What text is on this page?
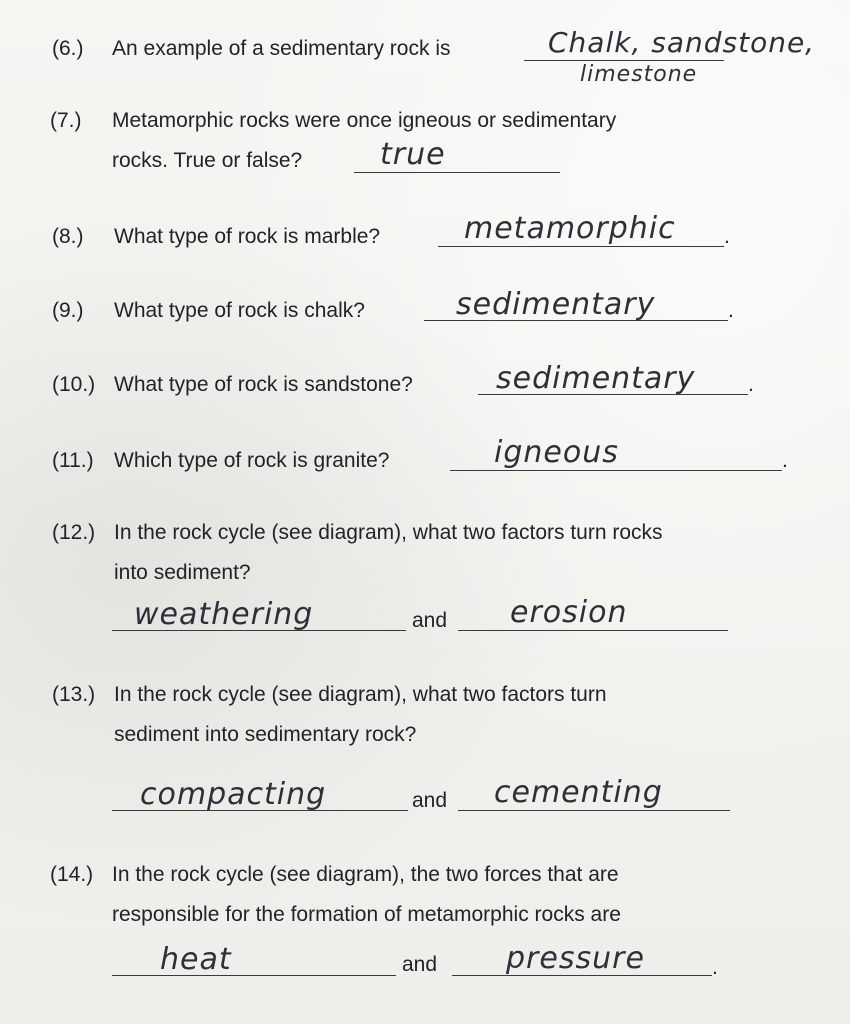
(6.) An example of a sedimentary rock is	Chalk, sandstone,
limestone
(7.) Metamorphic rocks were once igneous or sedimentary
rocks. True or false?	true
(8.) What type of rock is marble?	metamorphic .
(9.) What type of rock is chalk?	sedimentary	.
(10.) What type of rock is sandstone?	sedimentary	.
(11.) Which type of rock is granite?	igneous	.
(12.) In the rock cycle (see diagram), what two factors turn rocks
into sediment?
weathering	and erosion
(13.) In the rock cycle (see diagram), what two factors turn
sediment into sedimentary rock?
compacting	and cementing
(14.) In the rock cycle (see diagram), the two forces that are
responsible for the formation of metamorphic rocks are
heat	and pressure	.
